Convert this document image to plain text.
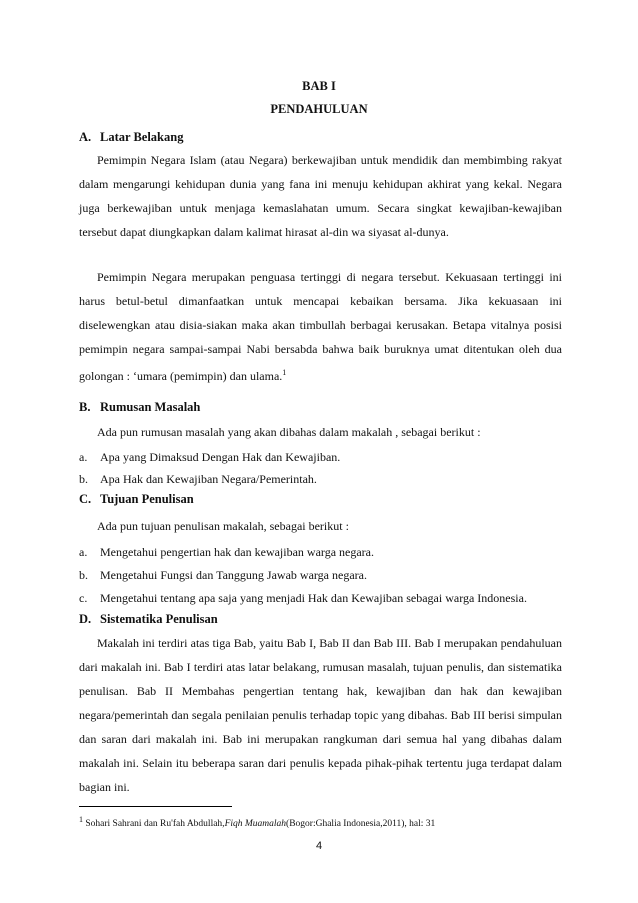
BAB I
PENDAHULUAN
A. Latar Belakang

Pemimpin Negara Islam (atau Negara) berkewajiban untuk mendidik dan membimbing rakyat dalam mengarungi kehidupan dunia yang fana ini menuju kehidupan akhirat yang kekal. Negara juga berkewajiban untuk menjaga kemaslahatan umum. Secara singkat kewajiban-kewajiban tersebut dapat diungkapkan dalam kalimat hirasat al-din wa siyasat al-dunya.

Pemimpin Negara merupakan penguasa tertinggi di negara tersebut. Kekuasaan tertinggi ini harus betul-betul dimanfaatkan untuk mencapai kebaikan bersama. Jika kekuasaan ini diselewengkan atau disia-siakan maka akan timbullah berbagai kerusakan. Betapa vitalnya posisi pemimpin negara sampai-sampai Nabi bersabda bahwa baik buruknya umat ditentukan oleh dua golongan : ‘umara (pemimpin) dan ulama.$^1$

B. Rumusan Masalah
Ada pun rumusan masalah yang akan dibahas dalam makalah , sebagai berikut :
a. Apa yang Dimaksud Dengan Hak dan Kewajiban.
b. Apa Hak dan Kewajiban Negara/Pemerintah.
C. Tujuan Penulisan
Ada pun tujuan penulisan makalah, sebagai berikut :
a. Mengetahui pengertian hak dan kewajiban warga negara.
b. Mengetahui Fungsi dan Tanggung Jawab warga negara.
c. Mengetahui tentang apa saja yang menjadi Hak dan Kewajiban sebagai warga Indonesia.
D. Sistematika Penulisan

Makalah ini terdiri atas tiga Bab, yaitu Bab I, Bab II dan Bab III. Bab I merupakan pendahuluan dari makalah ini. Bab I terdiri atas latar belakang, rumusan masalah, tujuan penulis, dan sistematika penulisan. Bab II Membahas pengertian tentang hak, kewajiban dan hak dan kewajiban negara/pemerintah dan segala penilaian penulis terhadap topic yang dibahas. Bab III berisi simpulan dan saran dari makalah ini. Bab ini merupakan rangkuman dari semua hal yang dibahas dalam makalah ini. Selain itu beberapa saran dari penulis kepada pihak-pihak tertentu juga terdapat dalam bagian ini.

$^1$ Sohari Sahrani dan Ru'fah Abdullah,Fiqh Muamalah(Bogor:Ghalia Indonesia,2011), hal: 31
4
